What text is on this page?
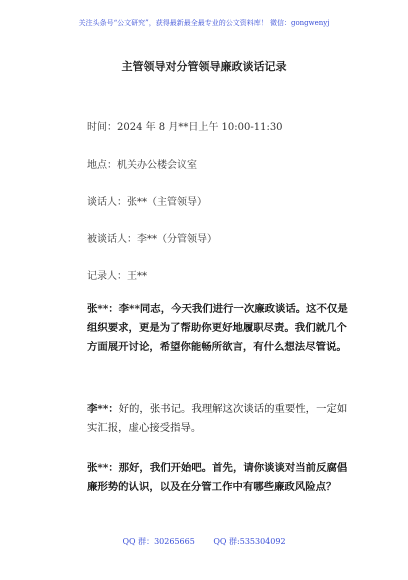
关注头条号“公文研究”，获得最新最全最专业的公文资料库！ 微信：gongwenyj
主管领导对分管领导廉政谈话记录
时间：2024 年 8 月**日上午 10:00-11:30
地点：机关办公楼会议室
谈话人：张**（主管领导）
被谈话人：李**（分管领导）
记录人：王**
张**：李**同志，今天我们进行一次廉政谈话。这不仅是组织要求，更是为了帮助你更好地履职尽责。我们就几个方面展开讨论，希望你能畅所欲言，有什么想法尽管说。
李**：好的，张书记。我理解这次谈话的重要性，一定如实汇报，虚心接受指导。
张**：那好，我们开始吧。首先，请你谈谈对当前反腐倡廉形势的认识，以及在分管工作中有哪些廉政风险点？
QQ 群：30265665 QQ 群:535304092
